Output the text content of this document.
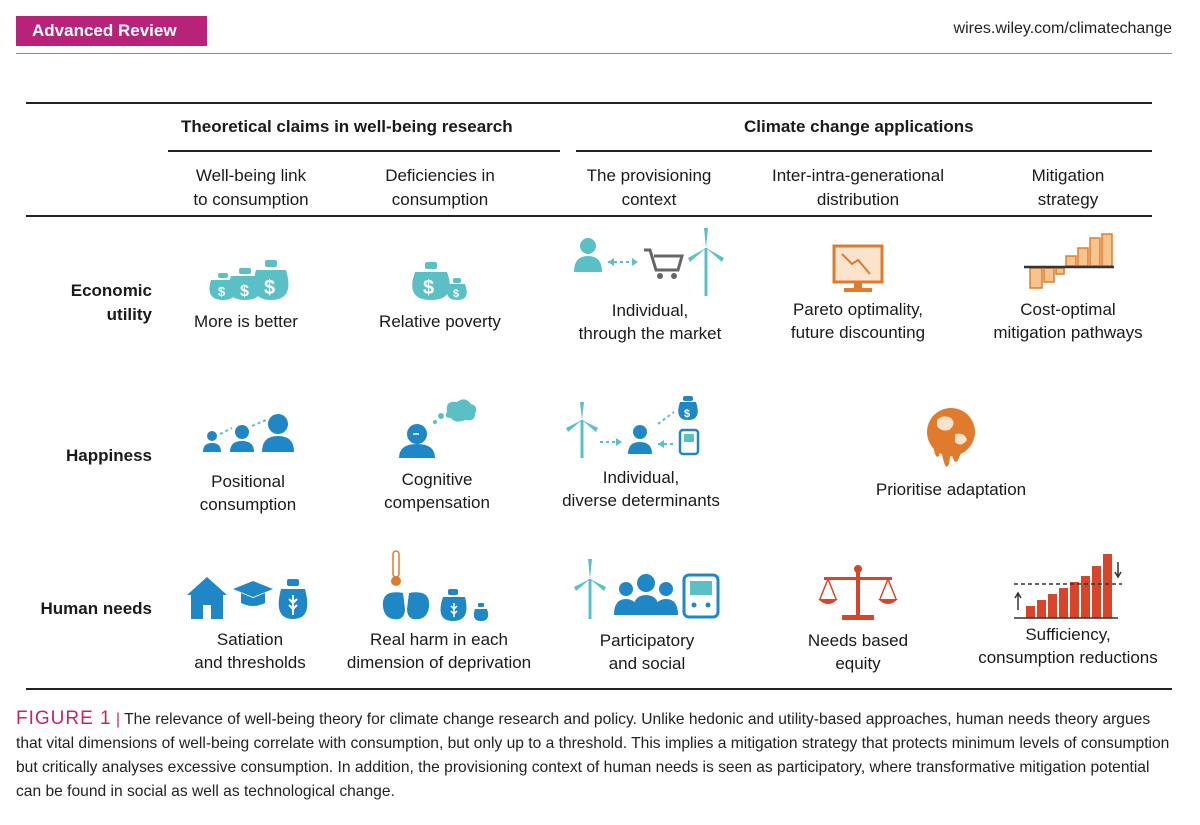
Advanced Review	wires.wiley.com/climatechange
Theoretical claims in well-being research	Climate change applications
Well-being link
to consumption
Deficiencies in
consumption
The provisioning
context
Inter-intra-generational
distribution
Mitigation
strategy
Economic
utility
Happiness
Human needs
$ $ $
More is better
$ $
Relative poverty
Individual,
through the market
Pareto optimality,
future discounting
Cost-optimal
mitigation pathways
Positional
consumption
Cognitive
compensation
$
Individual,
diverse determinants
Prioritise adaptation
Satiation
and thresholds
Real harm in each
dimension of deprivation
Participatory
and social
Needs based
equity
Sufficiency,
consumption reductions
FIGURE 1 | The relevance of well-being theory for climate change research and policy. Unlike hedonic and utility-based approaches, human needs theory argues that vital dimensions of well-being correlate with consumption, but only up to a threshold. This implies a mitigation strategy that protects minimum levels of consumption but critically analyses excessive consumption. In addition, the provisioning context of human needs is seen as participatory, where transformative mitigation potential can be found in social as well as technological change.
